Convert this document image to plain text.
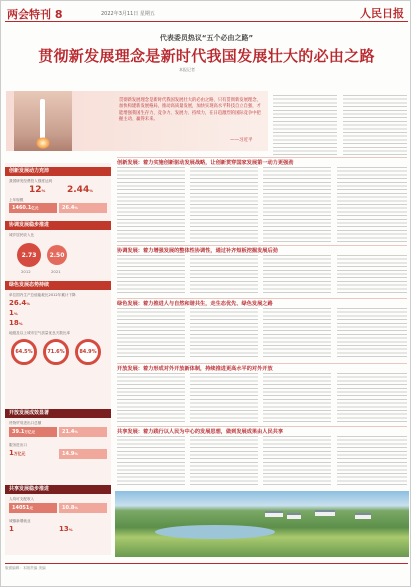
两会特刊 8	2022年3月11日 星期五	人民日报
代表委员热议“五个必由之路”
贯彻新发展理念是新时代我国发展壮大的必由之路
本报记者
贯彻新发展理念是新时代我国发展壮大的必由之路，只有贯彻新发展理念，加快构建新发展格局，推动高质量发展，加快实现高水平科技自立自强，才能增强我国生存力、竞争力、发展力、持续力，在日趋激烈的国际竞争中把握主动、赢得未来。
——习近平
创新发展动力充沛
我国研发经费投入强度达到
12% 2.44%
上年规模
1460.1亿元	26.4%
协调发展稳步推进
城乡居民收入比
2.73	2.50
2012	2021
绿色发展态势持续
单位国内生产总值能耗比2012年累计下降
26.4%
1%
18%
地级及以上城市空气质量优良天数比率
64.5%	71.6%	84.9%
开放发展成效显著
货物贸易进出口总额
39.1万亿元	21.4%
服务进出口
1万亿元	14.9%
共享发展稳步推进
人均可支配收入
14051元	10.8%
城镇新增就业
1	13%
创新发展：着力实施创新驱动发展战略，让创新贯穿国家发展第一动力更强劲
协调发展：着力增强发展的整体性协调性，通过补齐短板挖掘发展后劲
绿色发展：着力推进人与自然和谐共生，走生态优先、绿色发展之路
开放发展：着力形成对外开放新体制，持续推进更高水平的对外开放
共享发展：着力践行以人民为中心的发展思想，做到发展成果由人民共享
版面编辑：本版责编 美编
